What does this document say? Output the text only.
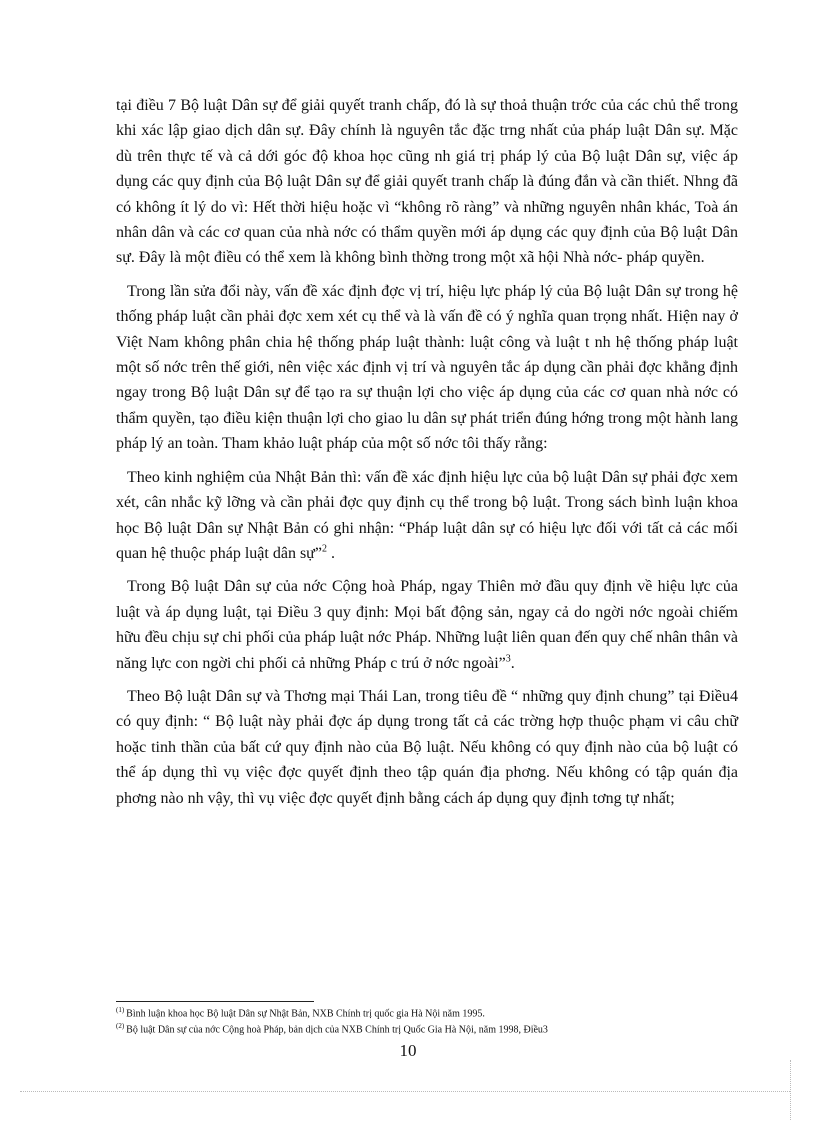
tại điều 7 Bộ luật Dân sự để giải quyết tranh chấp, đó là sự thoả thuận trớc của các chủ thể trong khi xác lập giao dịch dân sự. Đây chính là nguyên tắc đặc trng nhất của pháp luật Dân sự. Mặc dù trên thực tế và cả dới góc độ khoa học cũng nh giá trị pháp lý của Bộ luật Dân sự, việc áp dụng các quy định của Bộ luật Dân sự để giải quyết tranh chấp là đúng đắn và cần thiết. Nhng đã có không ít lý do vì: Hết thời hiệu hoặc vì “không rõ ràng” và những nguyên nhân khác, Toà án nhân dân và các cơ quan của nhà nớc có thẩm quyền mới áp dụng các quy định của Bộ luật Dân sự. Đây là một điều có thể xem là không bình thờng trong một xã hội Nhà nớc- pháp quyền.

Trong lần sửa đổi này, vấn đề xác định đợc vị trí, hiệu lực pháp lý của Bộ luật Dân sự trong hệ thống pháp luật cần phải đợc xem xét cụ thể và là vấn đề có ý nghĩa quan trọng nhất. Hiện nay ở Việt Nam không phân chia hệ thống pháp luật thành: luật công và luật t nh hệ thống pháp luật một số nớc trên thế giới, nên việc xác định vị trí và nguyên tắc áp dụng cần phải đợc khẳng định ngay trong Bộ luật Dân sự để tạo ra sự thuận lợi cho việc áp dụng của các cơ quan nhà nớc có thẩm quyền, tạo điều kiện thuận lợi cho giao lu dân sự phát triển đúng hớng trong một hành lang pháp lý an toàn. Tham khảo luật pháp của một số nớc tôi thấy rằng:

Theo kinh nghiệm của Nhật Bản thì: vấn đề xác định hiệu lực của bộ luật Dân sự phải đợc xem xét, cân nhắc kỹ lỡng và cần phải đợc quy định cụ thể trong bộ luật. Trong sách bình luận khoa học Bộ luật Dân sự Nhật Bản có ghi nhận: “Pháp luật dân sự có hiệu lực đối với tất cả các mối quan hệ thuộc pháp luật dân sự”$^2$ .

Trong Bộ luật Dân sự của nớc Cộng hoà Pháp, ngay Thiên mở đầu quy định về hiệu lực của luật và áp dụng luật, tại Điều 3 quy định: Mọi bất động sản, ngay cả do ngời nớc ngoài chiếm hữu đều chịu sự chi phối của pháp luật nớc Pháp. Những luật liên quan đến quy chế nhân thân và năng lực con ngời chi phối cả những Pháp c trú ở nớc ngoài”$^3$.

Theo Bộ luật Dân sự và Thơng mại Thái Lan, trong tiêu đề “ những quy định chung” tại Điều4 có quy định: “ Bộ luật này phải đợc áp dụng trong tất cả các trờng hợp thuộc phạm vi câu chữ hoặc tinh thần của bất cứ quy định nào của Bộ luật. Nếu không có quy định nào của bộ luật có thể áp dụng thì vụ việc đợc quyết định theo tập quán địa phơng. Nếu không có tập quán địa phơng nào nh vậy, thì vụ việc đợc quyết định bằng cách áp dụng quy định tơng tự nhất;

$^{(1)}$ Bình luận khoa học Bộ luật Dân sự Nhật Bản, NXB Chính trị quốc gia Hà Nội năm 1995.

$^{(2)}$ Bộ luật Dân sự của nớc Cộng hoà Pháp, bản dịch của NXB Chính trị Quốc Gia Hà Nội, năm 1998, Điều3

10
